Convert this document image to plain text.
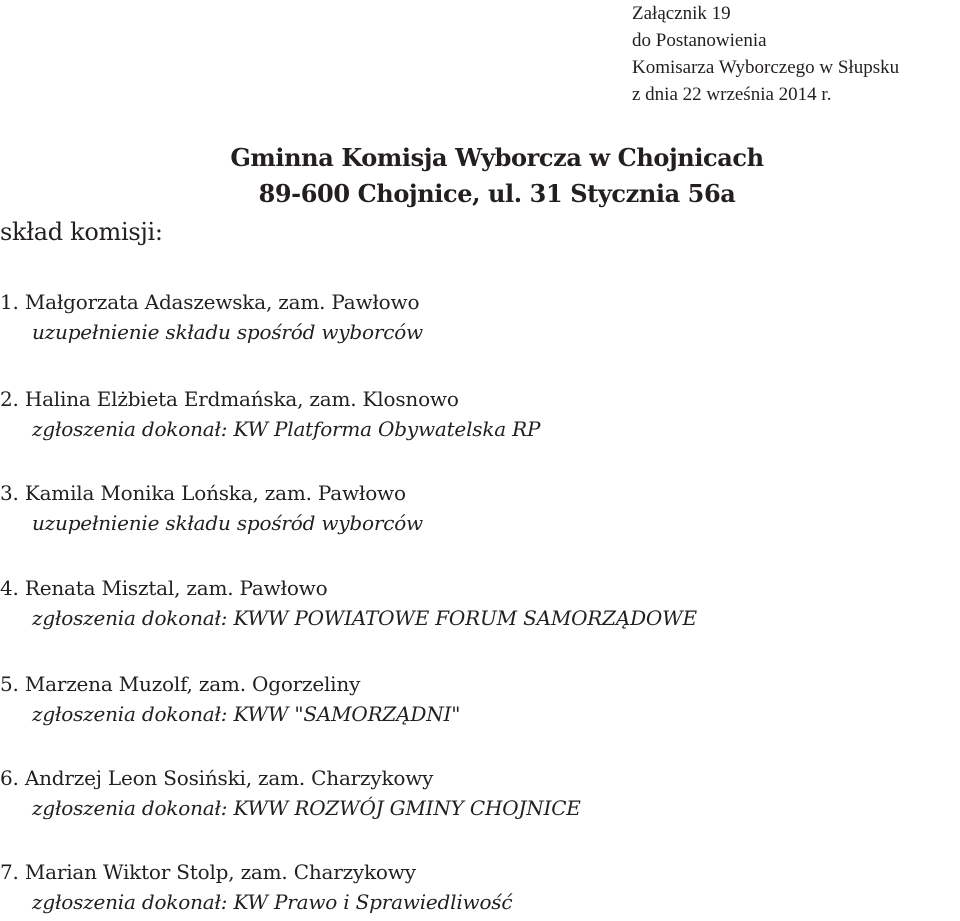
Załącznik 19
do Postanowienia
Komisarza Wyborczego w Słupsku
z dnia 22 września 2014 r.
Gminna Komisja Wyborcza w Chojnicach
89-600 Chojnice, ul. 31 Stycznia 56a
skład komisji:
1. Małgorzata Adaszewska, zam. Pawłowo
uzupełnienie składu spośród wyborców
2. Halina Elżbieta Erdmańska, zam. Klosnowo
zgłoszenia dokonał: KW Platforma Obywatelska RP
3. Kamila Monika Lońska, zam. Pawłowo
uzupełnienie składu spośród wyborców
4. Renata Misztal, zam. Pawłowo
zgłoszenia dokonał: KWW POWIATOWE FORUM SAMORZĄDOWE
5. Marzena Muzolf, zam. Ogorzeliny
zgłoszenia dokonał: KWW "SAMORZĄDNI"
6. Andrzej Leon Sosiński, zam. Charzykowy
zgłoszenia dokonał: KWW ROZWÓJ GMINY CHOJNICE
7. Marian Wiktor Stolp, zam. Charzykowy
zgłoszenia dokonał: KW Prawo i Sprawiedliwość
